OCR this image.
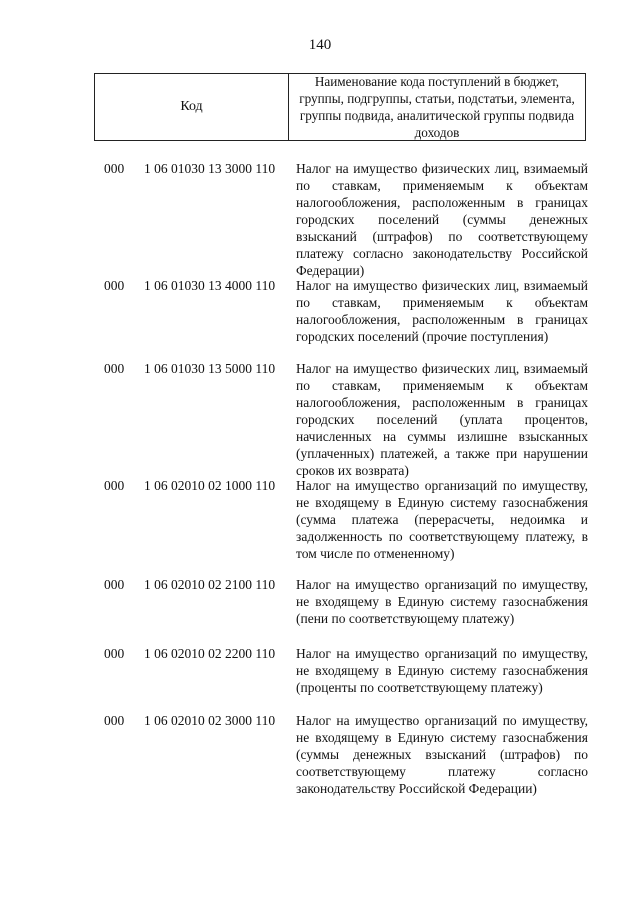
140
Код
Наименование кода поступлений в бюджет, группы, подгруппы, статьи, подстатьи, элемента, группы подвида, аналитической группы подвида доходов
000 1 06 01030 13 3000 110 Налог на имущество физических лиц, взимаемый по ставкам, применяемым к объектам налогообложения, расположенным в границах городских поселений (суммы денежных взысканий (штрафов) по соответствующему платежу согласно законодательству Российской Федерации)
000 1 06 01030 13 4000 110 Налог на имущество физических лиц, взимаемый по ставкам, применяемым к объектам налогообложения, расположенным в границах городских поселений (прочие поступления)
000 1 06 01030 13 5000 110 Налог на имущество физических лиц, взимаемый по ставкам, применяемым к объектам налогообложения, расположенным в границах городских поселений (уплата процентов, начисленных на суммы излишне взысканных (уплаченных) платежей, а также при нарушении сроков их возврата)
000 1 06 02010 02 1000 110 Налог на имущество организаций по имуществу, не входящему в Единую систему газоснабжения (сумма платежа (перерасчеты, недоимка и задолженность по соответствующему платежу, в том числе по отмененному)
000 1 06 02010 02 2100 110 Налог на имущество организаций по имуществу, не входящему в Единую систему газоснабжения (пени по соответствующему платежу)
000 1 06 02010 02 2200 110 Налог на имущество организаций по имуществу, не входящему в Единую систему газоснабжения (проценты по соответствующему платежу)
000 1 06 02010 02 3000 110 Налог на имущество организаций по имуществу, не входящему в Единую систему газоснабжения (суммы денежных взысканий (штрафов) по соответствующему платежу согласно законодательству Российской Федерации)
